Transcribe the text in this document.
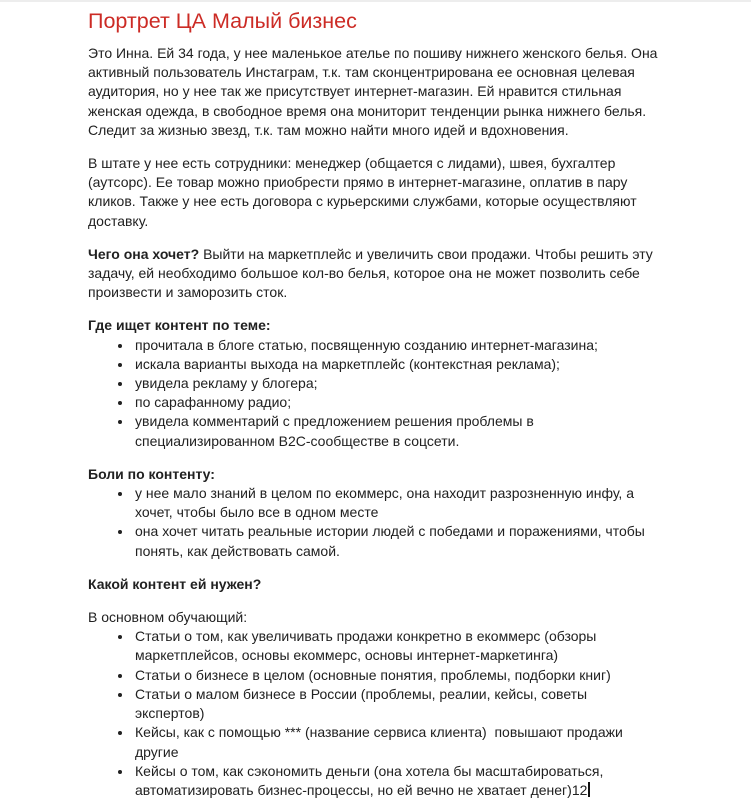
Портрет ЦА Малый бизнес

Это Инна. Ей 34 года, у нее маленькое ателье по пошиву нижнего женского белья. Она активный пользователь Инстаграм, т.к. там сконцентрирована ее основная целевая аудитория, но у нее так же присутствует интернет-магазин. Ей нравится стильная женская одежда, в свободное время она мониторит тенденции рынка нижнего белья. Следит за жизнью звезд, т.к. там можно найти много идей и вдохновения.

В штате у нее есть сотрудники: менеджер (общается с лидами), швея, бухгалтер (аутсорс). Ее товар можно приобрести прямо в интернет-магазине, оплатив в пару кликов. Также у нее есть договора с курьерскими службами, которые осуществляют доставку.

Чего она хочет? Выйти на маркетплейс и увеличить свои продажи. Чтобы решить эту задачу, ей необходимо большое кол-во белья, которое она не может позволить себе произвести и заморозить сток.

Где ищет контент по теме:

• прочитала в блоге статью, посвященную созданию интернет-магазина;
• искала варианты выхода на маркетплейс (контекстная реклама);
• увидела рекламу у блогера;
• по сарафанному радио;
• увидела комментарий с предложением решения проблемы в специализированном B2C-сообществе в соцсети.

Боли по контенту:

• у нее мало знаний в целом по екоммерс, она находит разрозненную инфу, а хочет, чтобы было все в одном месте
• она хочет читать реальные истории людей с победами и поражениями, чтобы понять, как действовать самой.

Какой контент ей нужен?

В основном обучающий:

• Статьи о том, как увеличивать продажи конкретно в екоммерс (обзоры маркетплейсов, основы екоммерс, основы интернет-маркетинга)
• Статьи о бизнесе в целом (основные понятия, проблемы, подборки книг)
• Статьи о малом бизнесе в России (проблемы, реалии, кейсы, советы экспертов)
• Кейсы, как с помощью *** (название сервиса клиента)  повышают продажи другие
• Кейсы о том, как сэкономить деньги (она хотела бы масштабироваться, автоматизировать бизнес-процессы, но ей вечно не хватает денег)12
